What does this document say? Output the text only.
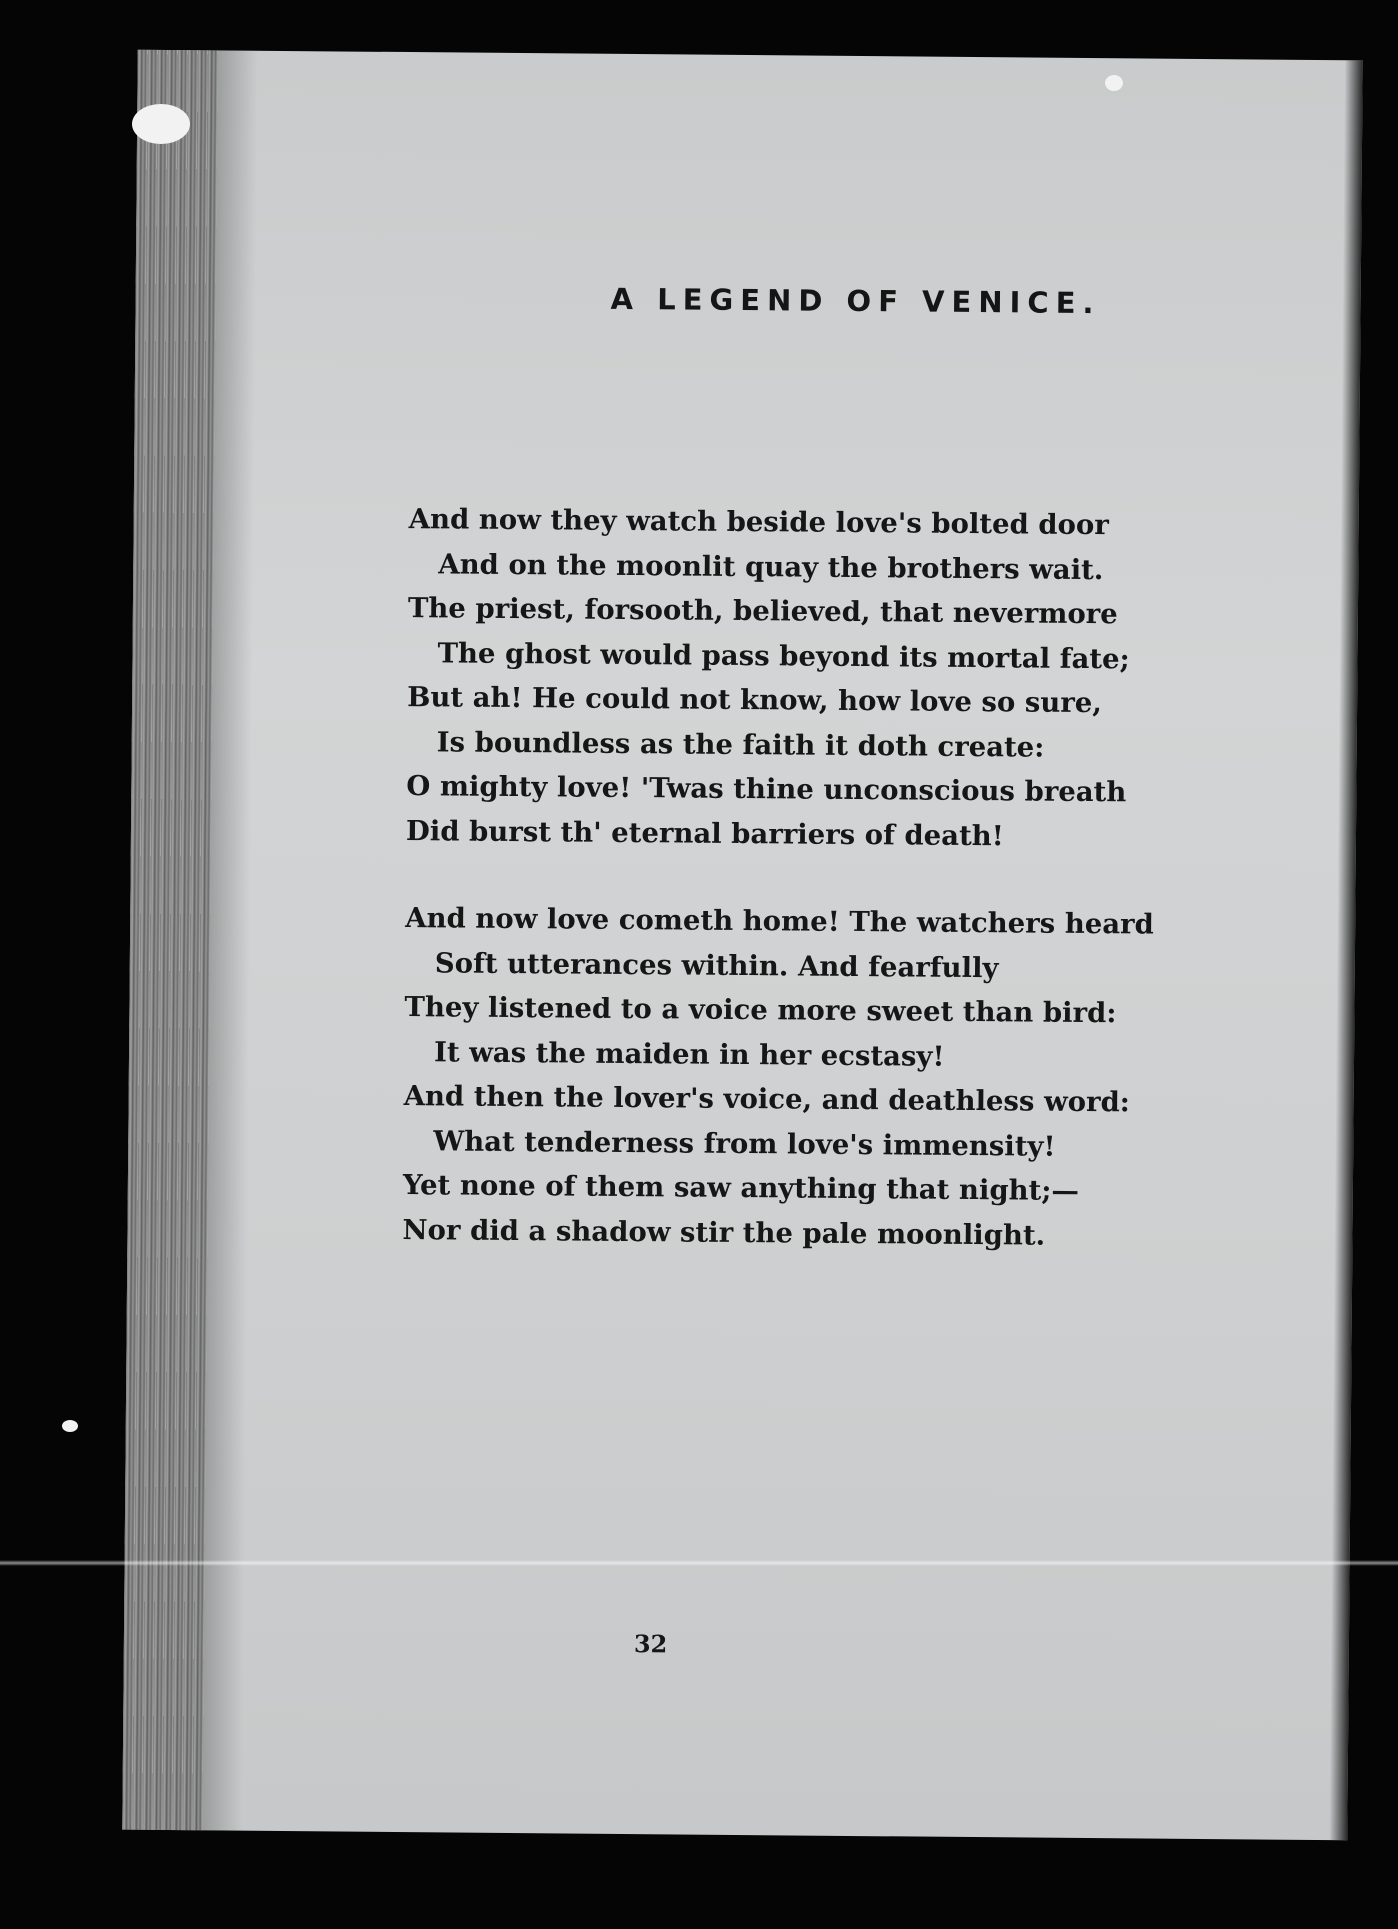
A LEGEND OF VENICE.
And now they watch beside love's bolted door
And on the moonlit quay the brothers wait.
The priest, forsooth, believed, that nevermore
The ghost would pass beyond its mortal fate;
But ah! He could not know, how love so sure,
Is boundless as the faith it doth create:
O mighty love! 'Twas thine unconscious breath
Did burst th' eternal barriers of death!
And now love cometh home! The watchers heard
Soft utterances within. And fearfully
They listened to a voice more sweet than bird:
It was the maiden in her ecstasy!
And then the lover's voice, and deathless word:
What tenderness from love's immensity!
Yet none of them saw anything that night;—
Nor did a shadow stir the pale moonlight.
32
